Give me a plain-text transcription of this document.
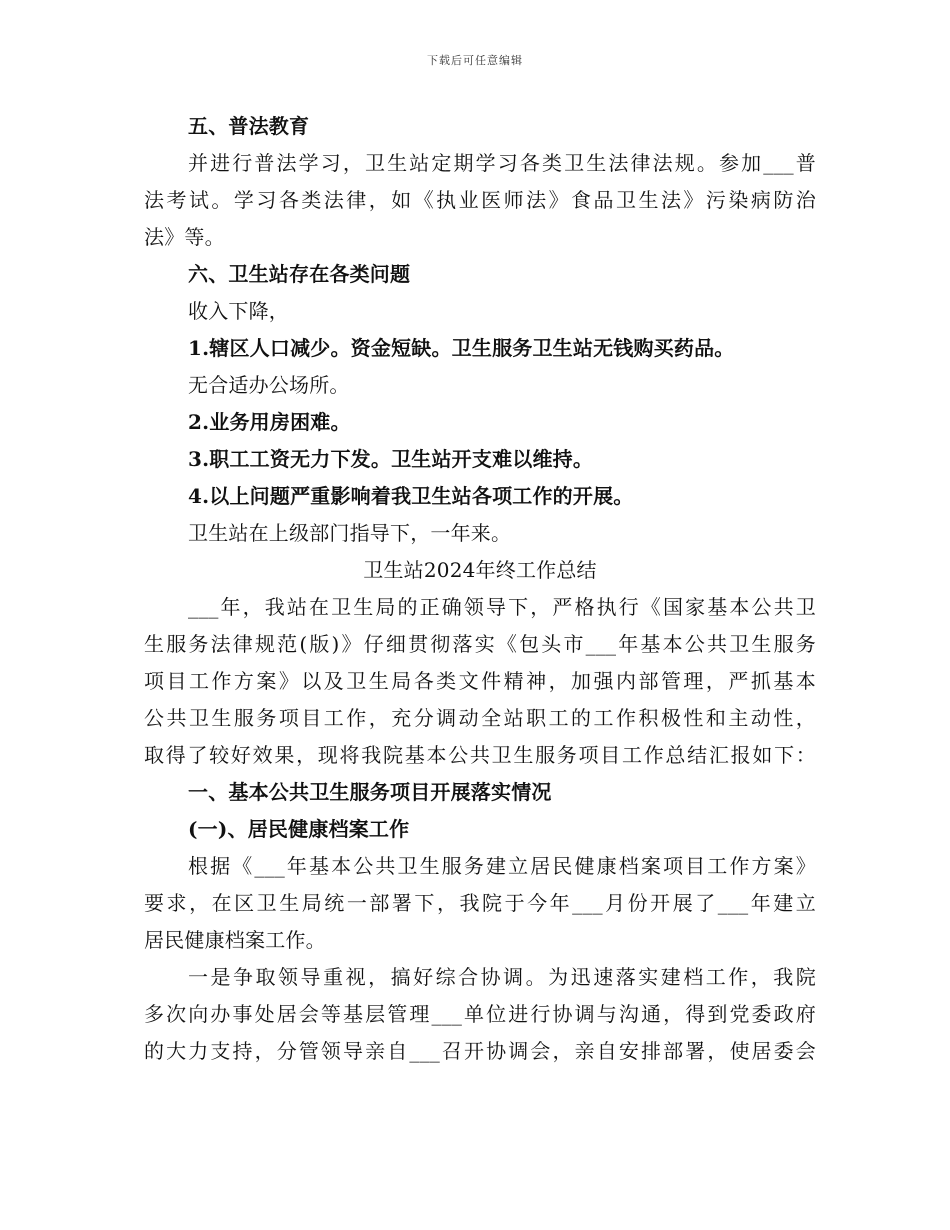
下载后可任意编辑
五、普法教育
并进行普法学习，卫生站定期学习各类卫生法律法规。参加___普
法考试。学习各类法律，如《执业医师法》食品卫生法》污染病防治
法》等。
六、卫生站存在各类问题
收入下降，
1.辖区人口减少。资金短缺。卫生服务卫生站无钱购买药品。
无合适办公场所。
2.业务用房困难。
3.职工工资无力下发。卫生站开支难以维持。
4.以上问题严重影响着我卫生站各项工作的开展。
卫生站在上级部门指导下，一年来。
卫生站2024年终工作总结
___年，我站在卫生局的正确领导下，严格执行《国家基本公共卫
生服务法律规范(版)》仔细贯彻落实《包头市___年基本公共卫生服务
项目工作方案》以及卫生局各类文件精神，加强内部管理，严抓基本
公共卫生服务项目工作，充分调动全站职工的工作积极性和主动性，
取得了较好效果，现将我院基本公共卫生服务项目工作总结汇报如下：
一、基本公共卫生服务项目开展落实情况
(一)、居民健康档案工作
根据《___年基本公共卫生服务建立居民健康档案项目工作方案》
要求，在区卫生局统一部署下，我院于今年___月份开展了___年建立
居民健康档案工作。
一是争取领导重视，搞好综合协调。为迅速落实建档工作，我院
多次向办事处居会等基层管理___单位进行协调与沟通，得到党委政府
的大力支持，分管领导亲自___召开协调会，亲自安排部署，使居委会
